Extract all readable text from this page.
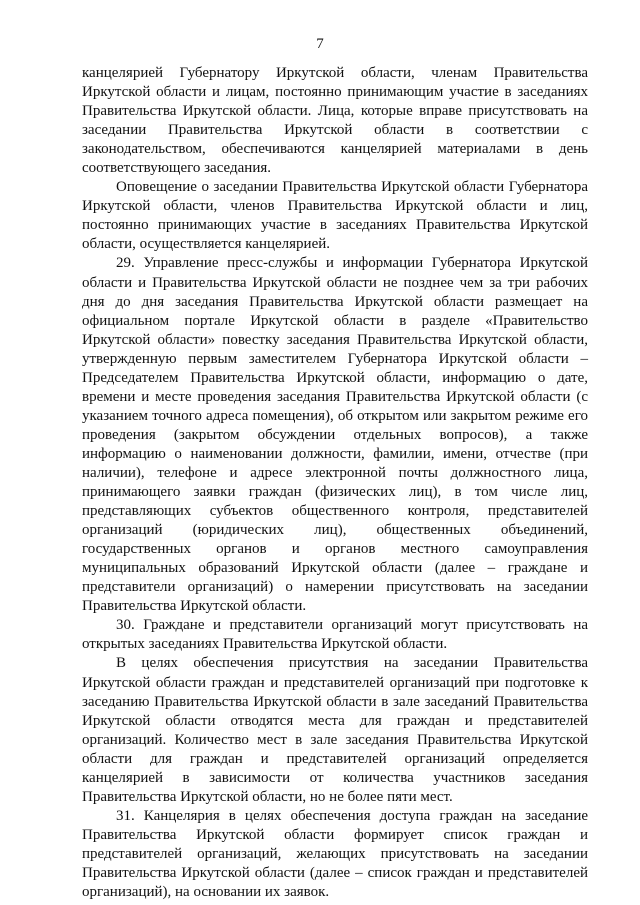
7

канцелярией Губернатору Иркутской области, членам Правительства Иркутской области и лицам, постоянно принимающим участие в заседаниях Правительства Иркутской области. Лица, которые вправе присутствовать на заседании Правительства Иркутской области в соответствии с законодательством, обеспечиваются канцелярией материалами в день соответствующего заседания.

Оповещение о заседании Правительства Иркутской области Губернатора Иркутской области, членов Правительства Иркутской области и лиц, постоянно принимающих участие в заседаниях Правительства Иркутской области, осуществляется канцелярией.

29. Управление пресс-службы и информации Губернатора Иркутской области и Правительства Иркутской области не позднее чем за три рабочих дня до дня заседания Правительства Иркутской области размещает на официальном портале Иркутской области в разделе «Правительство Иркутской области» повестку заседания Правительства Иркутской области, утвержденную первым заместителем Губернатора Иркутской области – Председателем Правительства Иркутской области, информацию о дате, времени и месте проведения заседания Правительства Иркутской области (с указанием точного адреса помещения), об открытом или закрытом режиме его проведения (закрытом обсуждении отдельных вопросов), а также информацию о наименовании должности, фамилии, имени, отчестве (при наличии), телефоне и адресе электронной почты должностного лица, принимающего заявки граждан (физических лиц), в том числе лиц, представляющих субъектов общественного контроля, представителей организаций (юридических лиц), общественных объединений, государственных органов и органов местного самоуправления муниципальных образований Иркутской области (далее – граждане и представители организаций) о намерении присутствовать на заседании Правительства Иркутской области.

30. Граждане и представители организаций могут присутствовать на открытых заседаниях Правительства Иркутской области.

В целях обеспечения присутствия на заседании Правительства Иркутской области граждан и представителей организаций при подготовке к заседанию Правительства Иркутской области в зале заседаний Правительства Иркутской области отводятся места для граждан и представителей организаций. Количество мест в зале заседания Правительства Иркутской области для граждан и представителей организаций определяется канцелярией в зависимости от количества участников заседания Правительства Иркутской области, но не более пяти мест.

31. Канцелярия в целях обеспечения доступа граждан на заседание Правительства Иркутской области формирует список граждан и представителей организаций, желающих присутствовать на заседании Правительства Иркутской области (далее – список граждан и представителей организаций), на основании их заявок.
